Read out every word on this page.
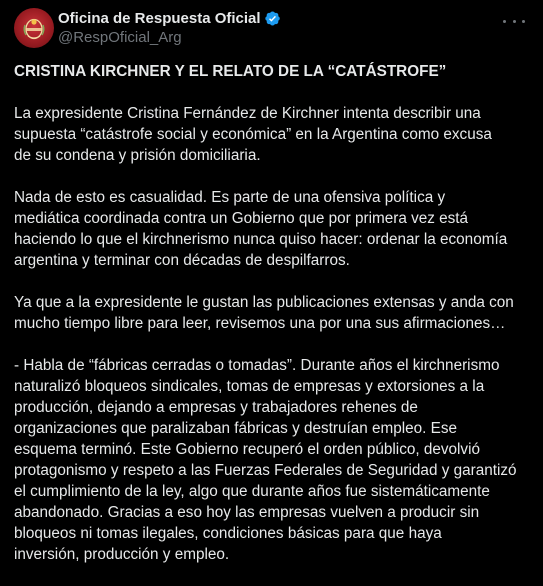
Oficina de Respuesta Oficial
@RespOficial_Arg

CRISTINA KIRCHNER Y EL RELATO DE LA “CATÁSTROFE”

La expresidente Cristina Fernández de Kirchner intenta describir una
supuesta “catástrofe social y económica” en la Argentina como excusa
de su condena y prisión domiciliaria.

Nada de esto es casualidad. Es parte de una ofensiva política y
mediática coordinada contra un Gobierno que por primera vez está
haciendo lo que el kirchnerismo nunca quiso hacer: ordenar la economía
argentina y terminar con décadas de despilfarros.

Ya que a la expresidente le gustan las publicaciones extensas y anda con
mucho tiempo libre para leer, revisemos una por una sus afirmaciones…

- Habla de “fábricas cerradas o tomadas”. Durante años el kirchnerismo
naturalizó bloqueos sindicales, tomas de empresas y extorsiones a la
producción, dejando a empresas y trabajadores rehenes de
organizaciones que paralizaban fábricas y destruían empleo. Ese
esquema terminó. Este Gobierno recuperó el orden público, devolvió
protagonismo y respeto a las Fuerzas Federales de Seguridad y garantizó
el cumplimiento de la ley, algo que durante años fue sistemáticamente
abandonado. Gracias a eso hoy las empresas vuelven a producir sin
bloqueos ni tomas ilegales, condiciones básicas para que haya
inversión, producción y empleo.
